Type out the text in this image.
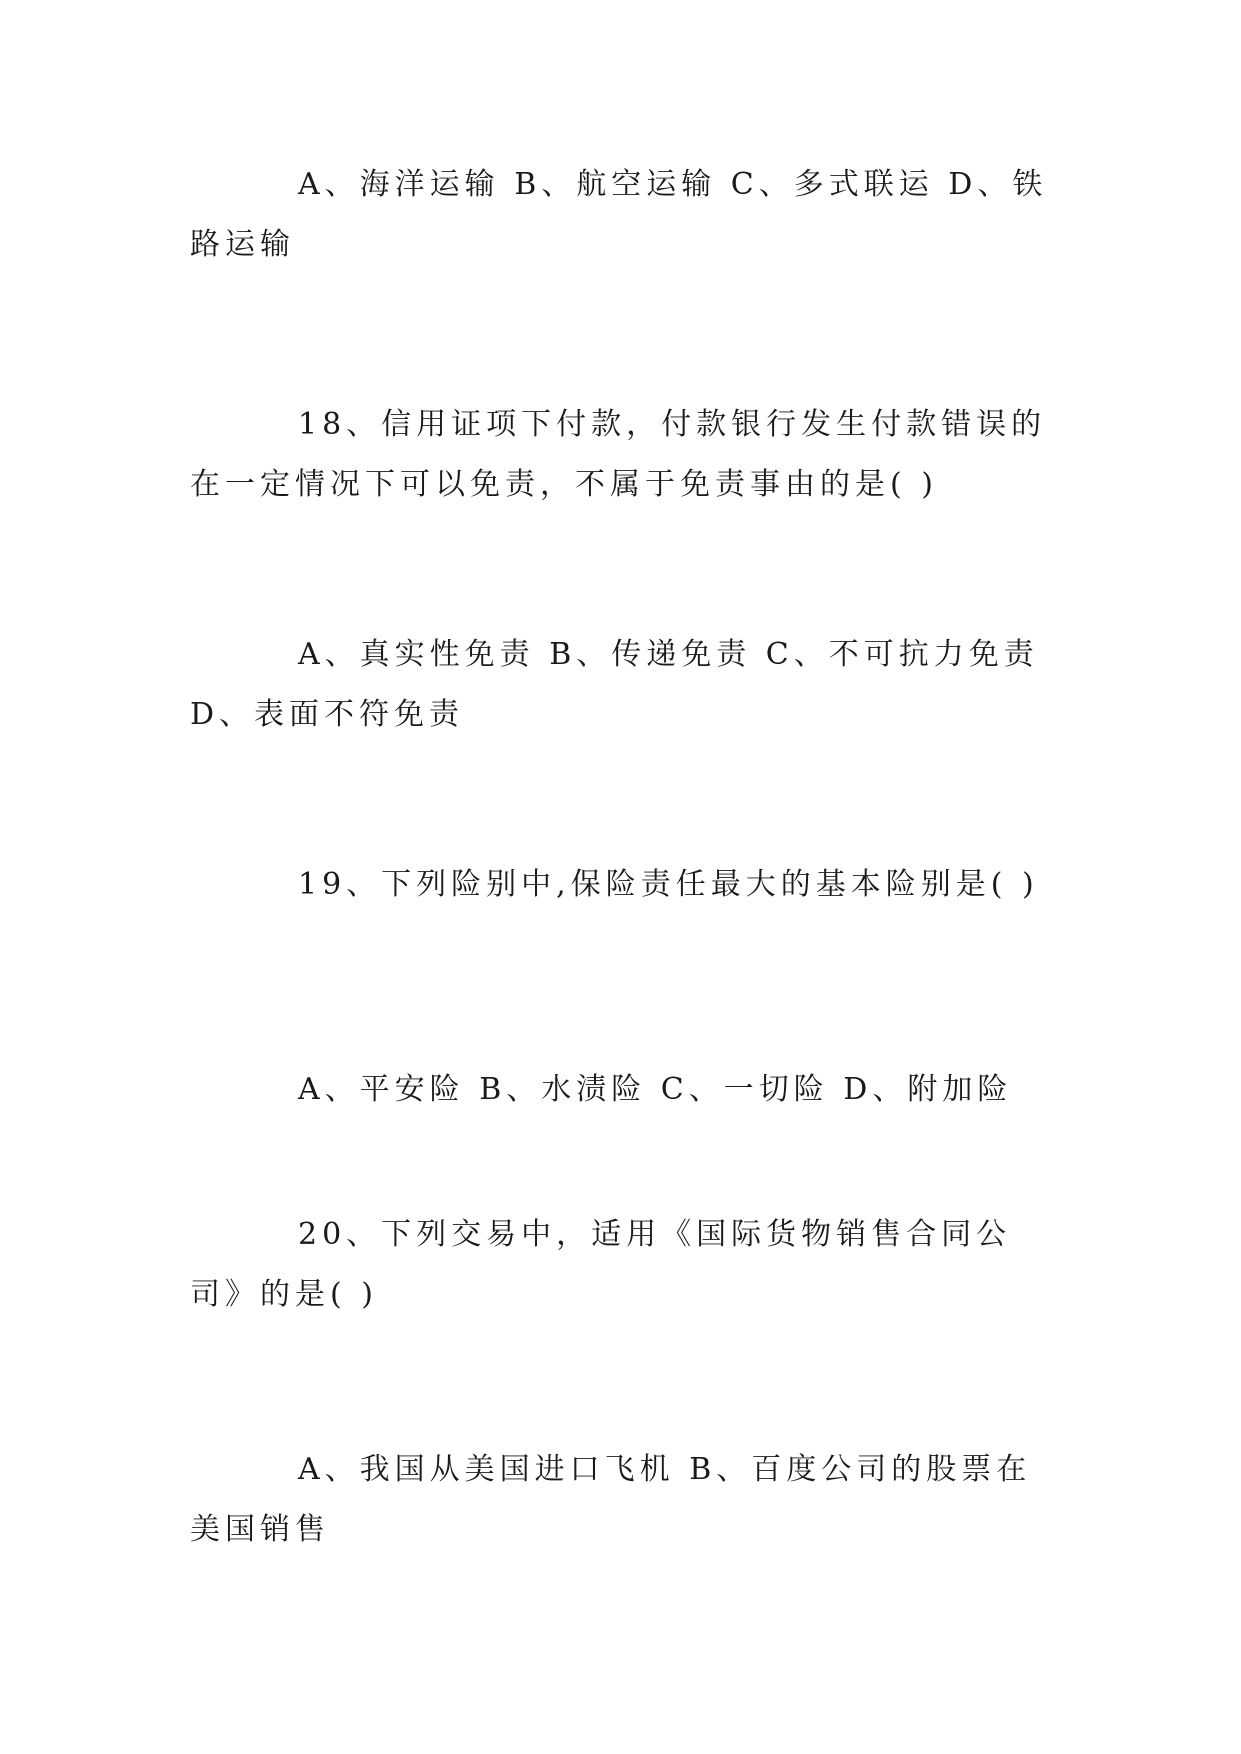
A、海洋运输 B、航空运输 C、多式联运 D、铁路运输

18、信用证项下付款，付款银行发生付款错误的在一定情况下可以免责，不属于免责事由的是( )

A、真实性免责 B、传递免责 C、不可抗力免责 D、表面不符免责

19、下列险别中,保险责任最大的基本险别是( )

A、平安险 B、水渍险 C、一切险 D、附加险

20、下列交易中，适用《国际货物销售合同公司》的是( )

A、我国从美国进口飞机 B、百度公司的股票在美国销售
